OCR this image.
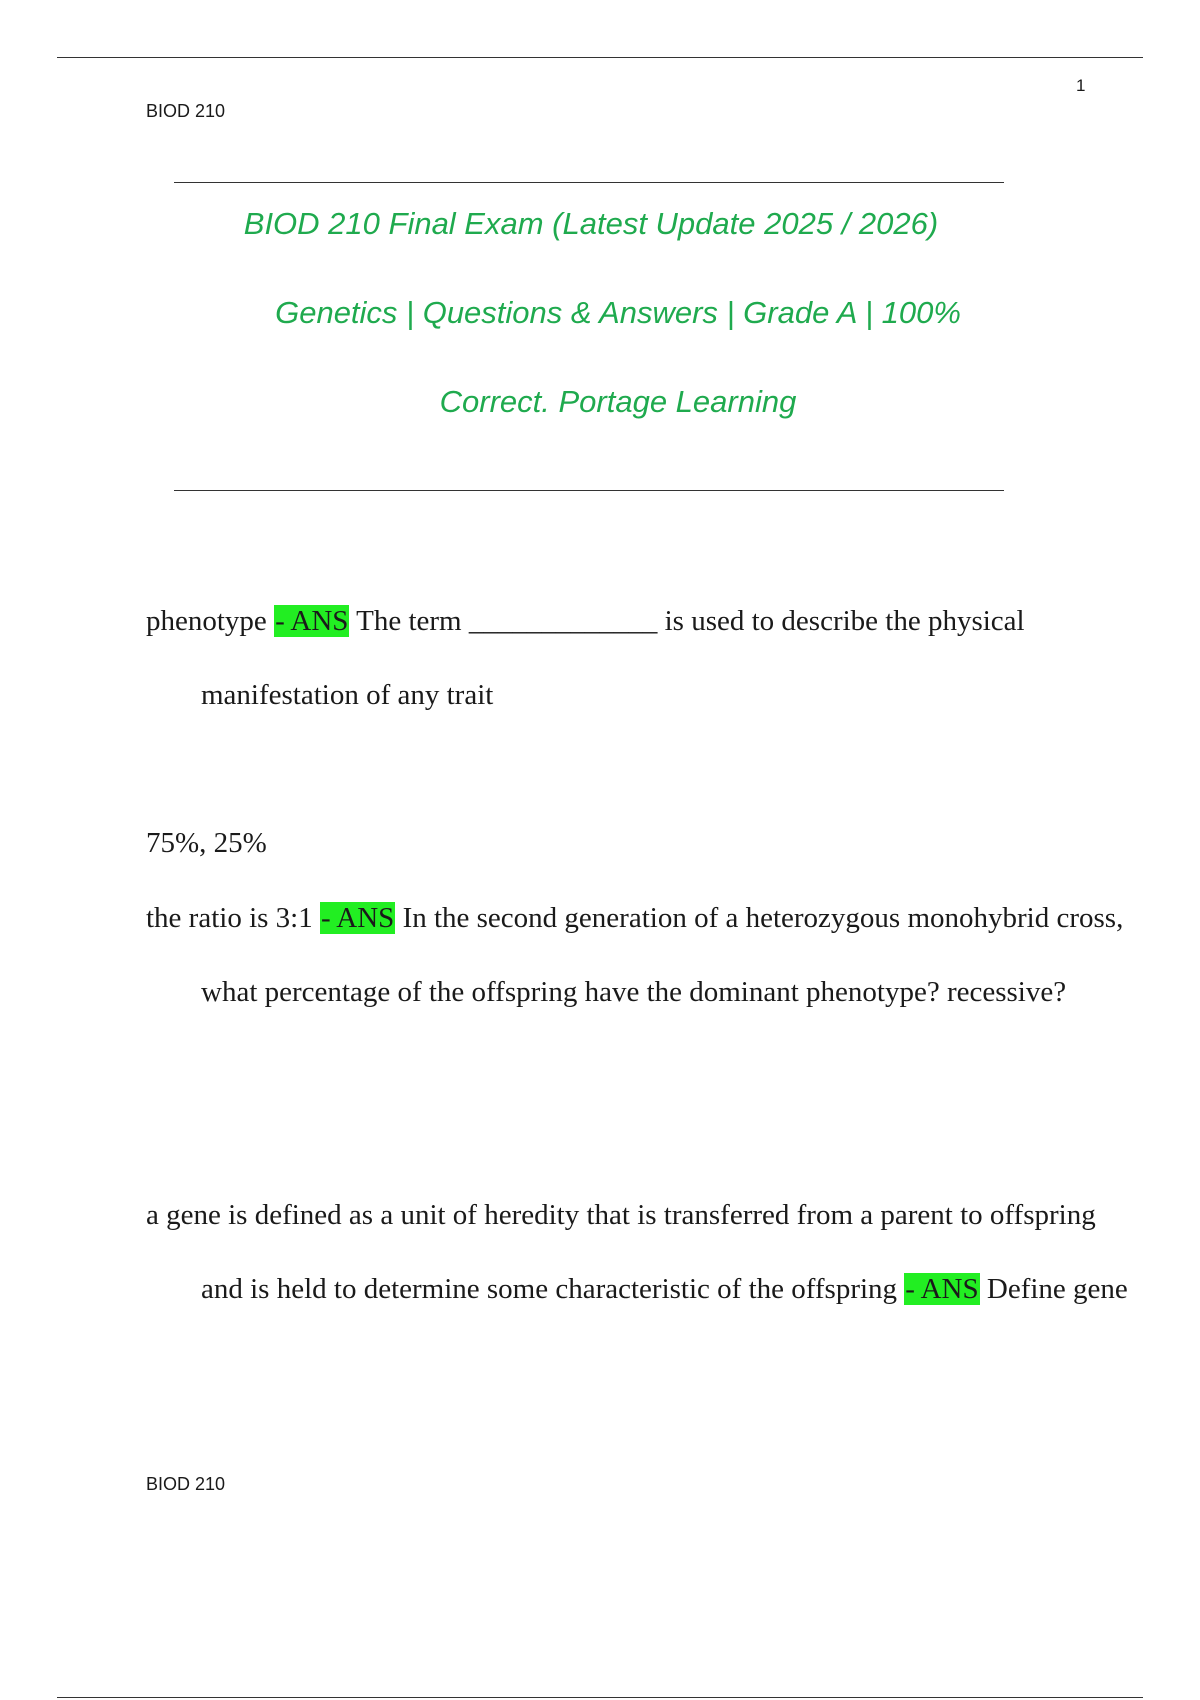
1
BIOD 210
BIOD 210 Final Exam (Latest Update 2025 / 2026)
Genetics | Questions & Answers | Grade A | 100%
Correct. Portage Learning
phenotype - ANS The term _____________ is used to describe the physical manifestation of any trait
75%, 25%
the ratio is 3:1 - ANS In the second generation of a heterozygous monohybrid cross, what percentage of the offspring have the dominant phenotype? recessive?
a gene is defined as a unit of heredity that is transferred from a parent to offspring and is held to determine some characteristic of the offspring - ANS Define gene
BIOD 210
